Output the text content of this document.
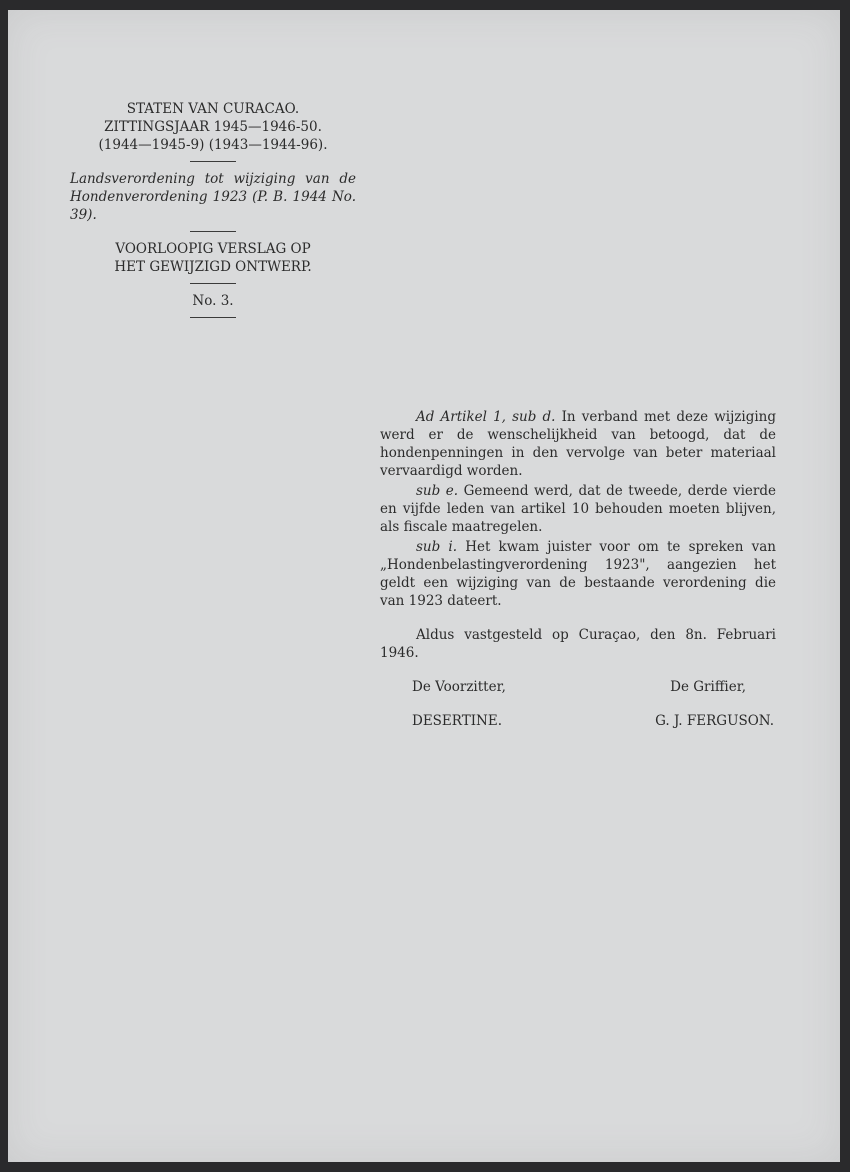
STATEN VAN CURACAO.
ZITTINGSJAAR 1945—1946-50.
(1944—1945-9) (1943—1944-96).
Landsverordening tot wijziging van de Hondenverordening 1923 (P. B. 1944 No. 39).
VOORLOOPIG VERSLAG OP
HET GEWIJZIGD ONTWERP.
No. 3.

Ad Artikel 1, sub d. In verband met deze wijziging werd er de wenschelijkheid van betoogd, dat de hondenpenningen in den vervolge van beter materiaal vervaardigd worden.

sub e. Gemeend werd, dat de tweede, derde vierde en vijfde leden van artikel 10 behouden moeten blijven, als fiscale maatregelen.

sub i. Het kwam juister voor om te spreken van „Hondenbelastingverordening 1923", aangezien het geldt een wijziging van de bestaande verordening die van 1923 dateert.

Aldus vastgesteld op Curaçao, den 8n. Februari 1946.
De Voorzitter,	De Griffier,
DESERTINE.	G. J. FERGUSON.
